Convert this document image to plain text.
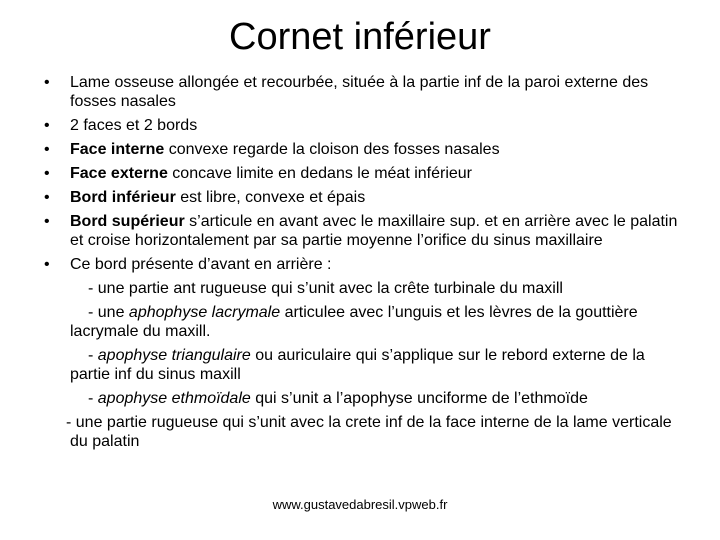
Cornet inférieur
•	Lame osseuse allongée et recourbée, située à la partie inf de la paroi externe des fosses nasales
•	2 faces et 2 bords
•	Face interne convexe regarde la cloison des fosses nasales
•	Face externe concave limite en dedans le méat inférieur
•	Bord inférieur est libre, convexe et épais
•	Bord supérieur s’articule en avant avec le maxillaire sup. et en arrière avec le palatin et croise horizontalement par sa partie moyenne l’orifice du sinus maxillaire
•	Ce bord présente d’avant en arrière :
- une partie ant rugueuse qui s’unit avec la crête turbinale du maxill
- une aphophyse lacrymale articulee avec l’unguis et les lèvres de la gouttière lacrymale du maxill.
- apophyse triangulaire ou auriculaire qui s’applique sur le rebord externe de la partie inf du sinus maxill
- apophyse ethmoïdale qui s’unit a l’apophyse unciforme de l’ethmoïde
- une partie rugueuse qui s’unit avec la crete inf de la face interne de la lame verticale du palatin
www.gustavedabresil.vpweb.fr
